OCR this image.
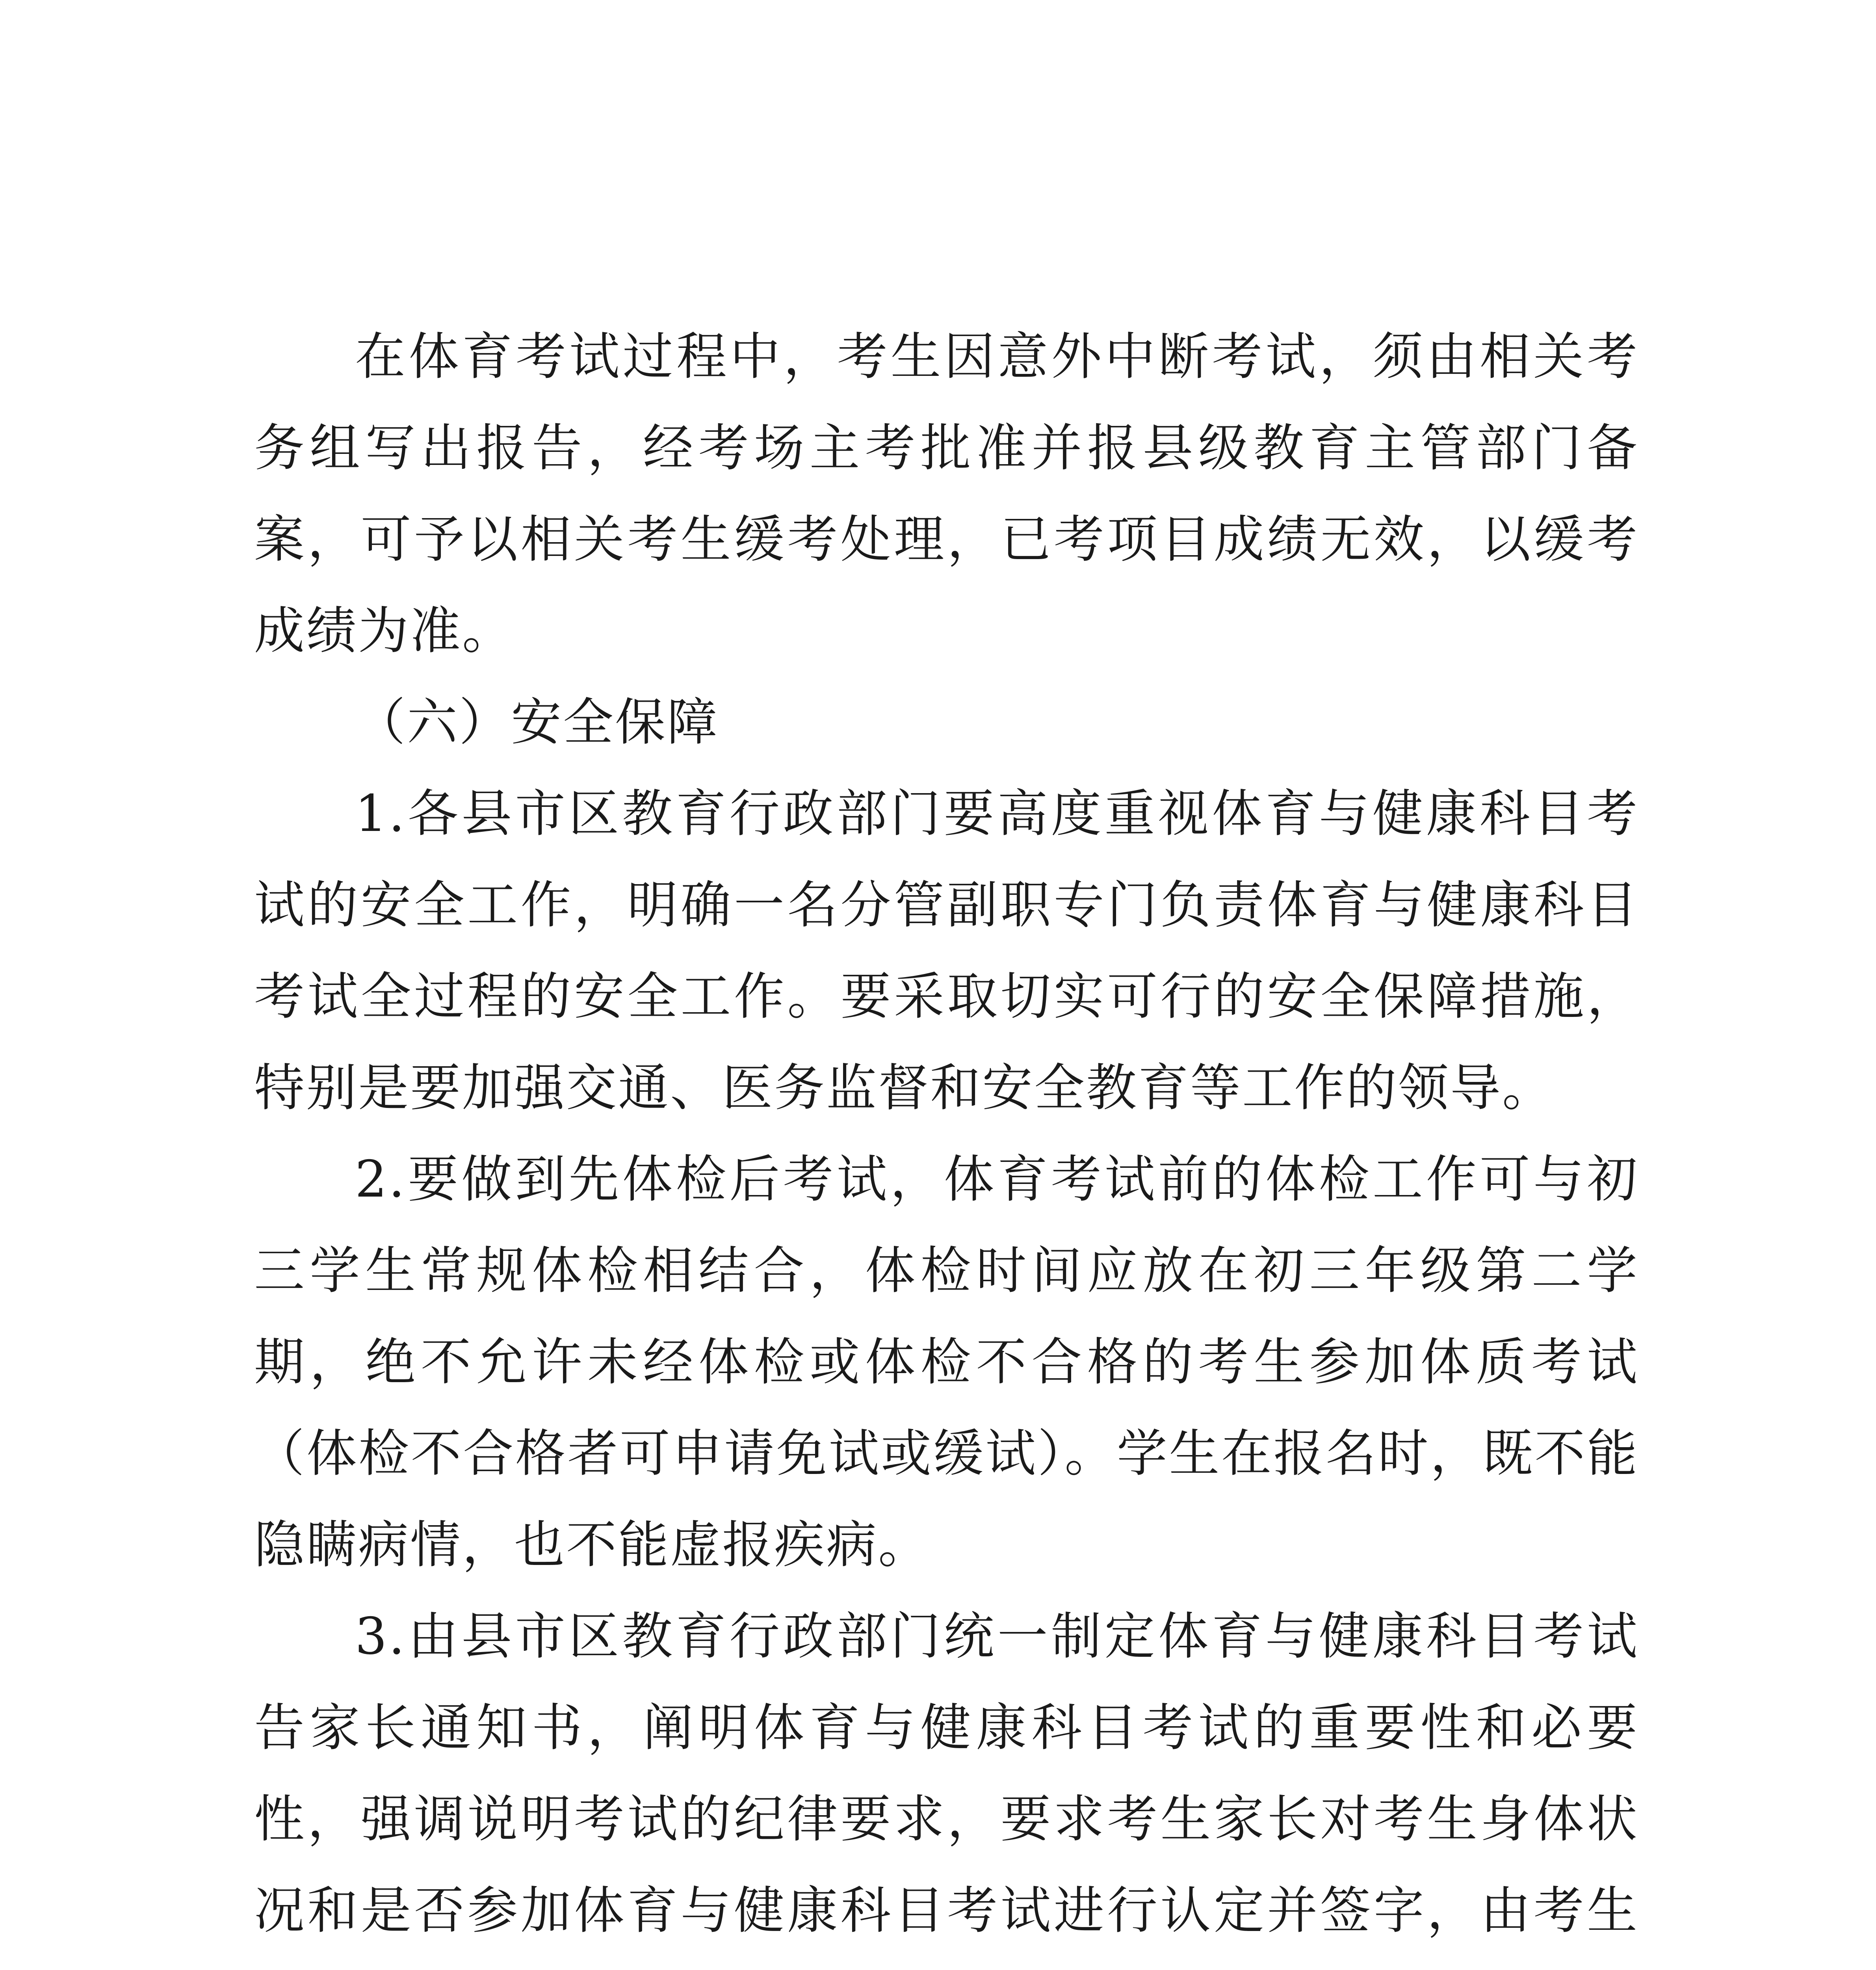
在体育考试过程中，考生因意外中断考试，须由相关考务组写出报告，经考场主考批准并报县级教育主管部门备案，可予以相关考生缓考处理，已考项目成绩无效，以缓考成绩为准。

（六）安全保障

1.各县市区教育行政部门要高度重视体育与健康科目考试的安全工作，明确一名分管副职专门负责体育与健康科目考试全过程的安全工作。要采取切实可行的安全保障措施，特别是要加强交通、医务监督和安全教育等工作的领导。

2.要做到先体检后考试，体育考试前的体检工作可与初三学生常规体检相结合，体检时间应放在初三年级第二学期，绝不允许未经体检或体检不合格的考生参加体质考试（体检不合格者可申请免试或缓试）。学生在报名时，既不能隐瞒病情，也不能虚报疾病。

3.由县市区教育行政部门统一制定体育与健康科目考试告家长通知书，阐明体育与健康科目考试的重要性和必要性，强调说明考试的纪律要求，要求考生家长对考生身体状况和是否参加体育与健康科目考试进行认定并签字，由考生
